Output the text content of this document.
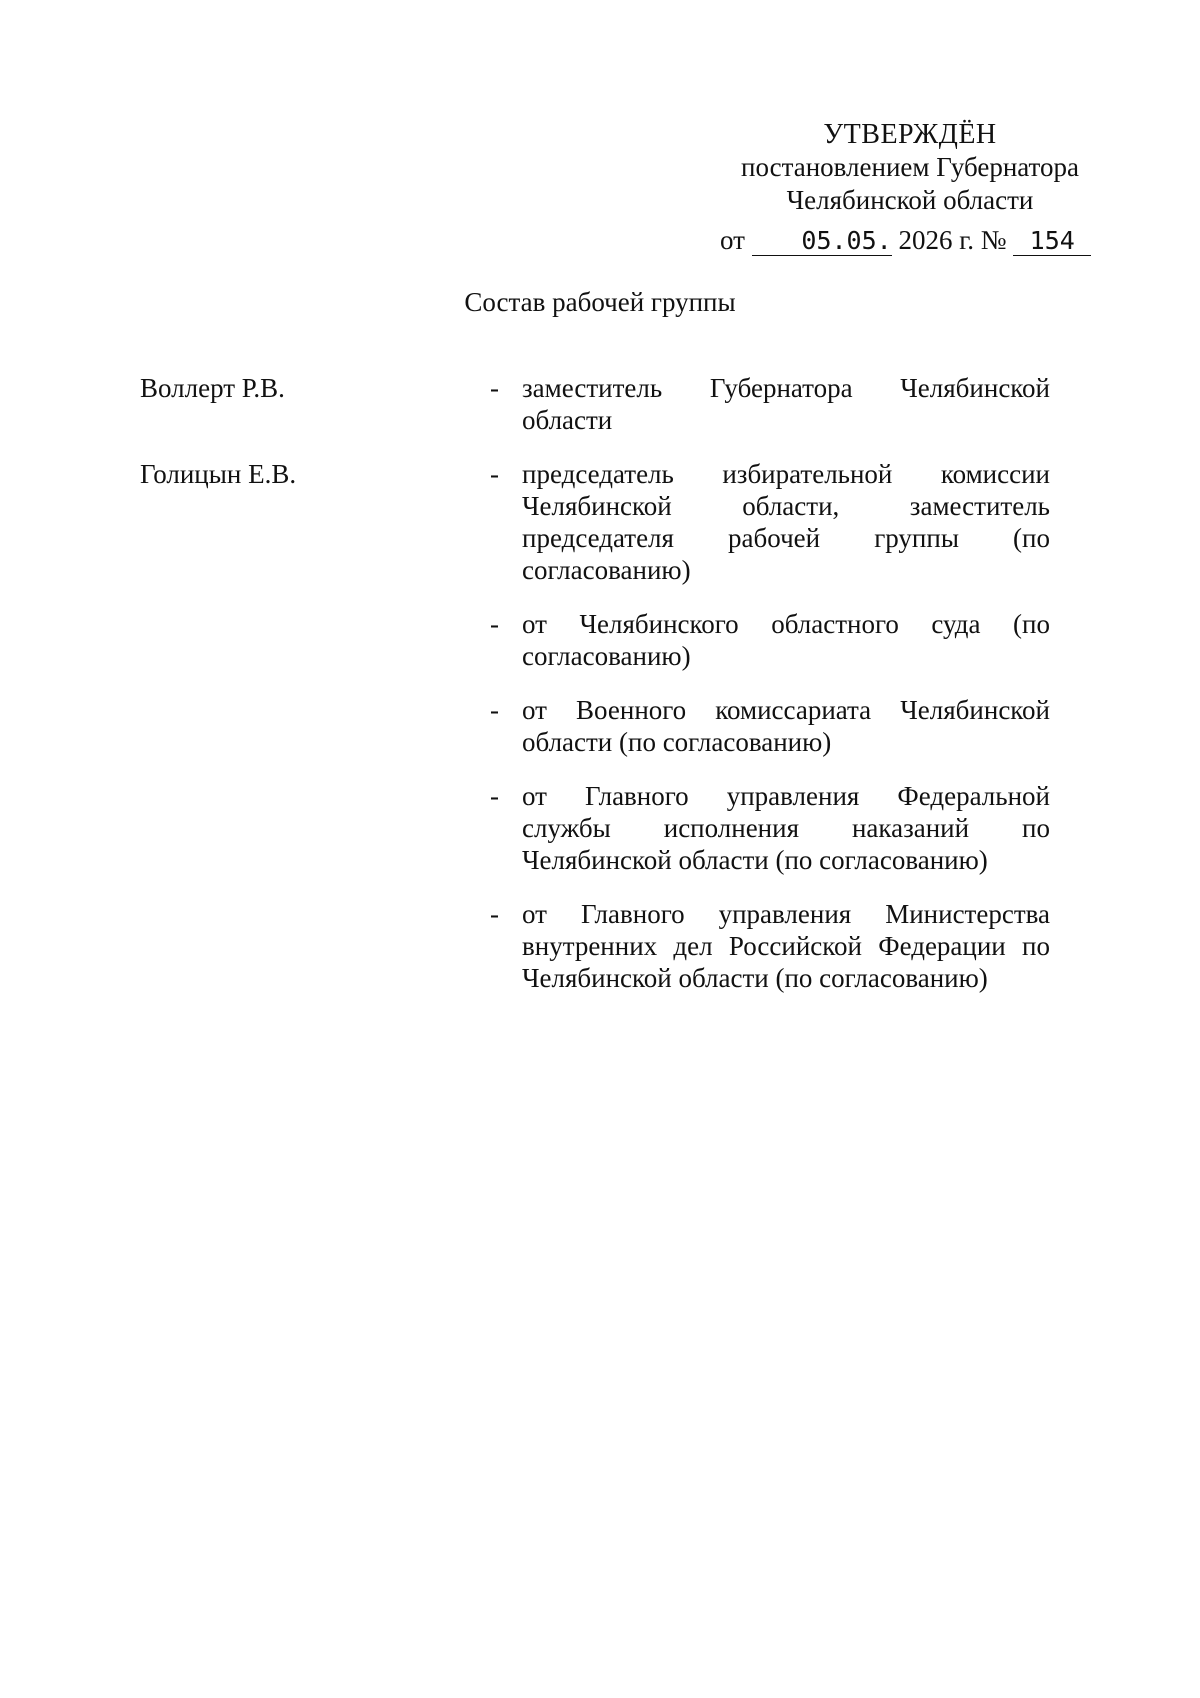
УТВЕРЖДЁН
постановлением Губернатора
Челябинской области
от 05.05. 2026 г. № 154
Состав рабочей группы
Воллерт Р.В.	- заместитель Губернатора Челябинской области
Голицын Е.В.	- председатель избирательной комиссии Челябинской области, заместитель председателя рабочей группы (по согласованию)
- от Челябинского областного суда (по согласованию)
- от Военного комиссариата Челябинской области (по согласованию)
- от Главного управления Федеральной службы исполнения наказаний по Челябинской области (по согласованию)
- от Главного управления Министерства внутренних дел Российской Федерации по Челябинской области (по согласованию)
